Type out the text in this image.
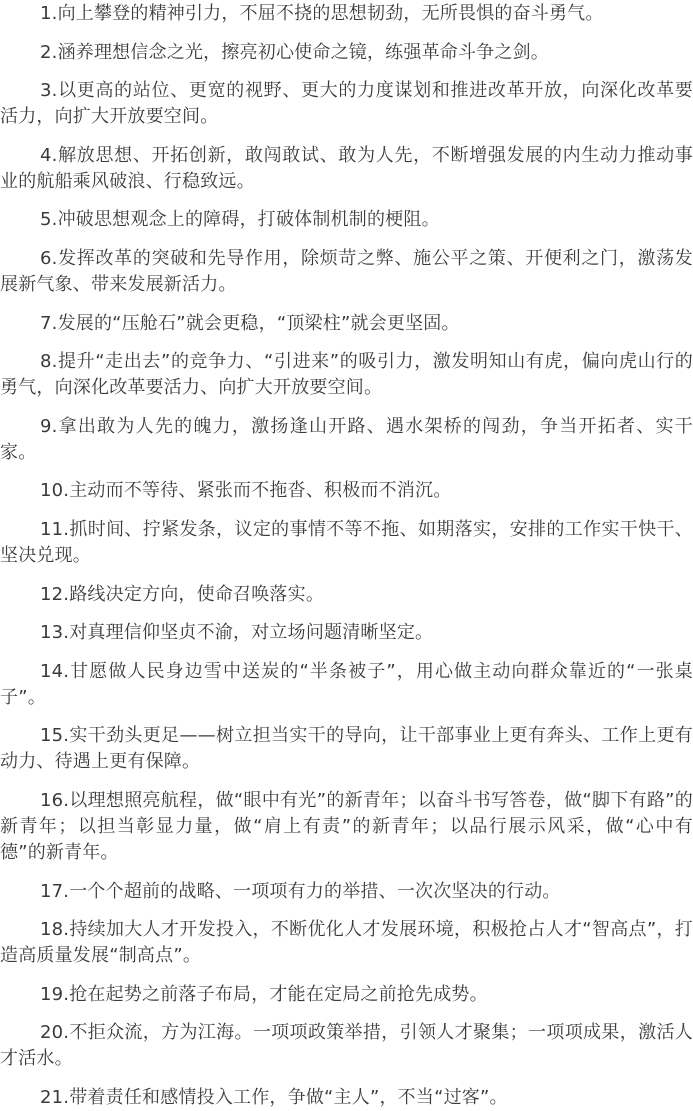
1.向上攀登的精神引力，不屈不挠的思想韧劲，无所畏惧的奋斗勇气。

2.涵养理想信念之光，擦亮初心使命之镜，练强革命斗争之剑。

3.以更高的站位、更宽的视野、更大的力度谋划和推进改革开放，向深化改革要活力，向扩大开放要空间。

4.解放思想、开拓创新，敢闯敢试、敢为人先，不断增强发展的内生动力推动事业的航船乘风破浪、行稳致远。

5.冲破思想观念上的障碍，打破体制机制的梗阻。

6.发挥改革的突破和先导作用，除烦苛之弊、施公平之策、开便利之门，激荡发展新气象、带来发展新活力。

7.发展的“压舱石”就会更稳，“顶梁柱”就会更坚固。

8.提升“走出去”的竞争力、“引进来”的吸引力，激发明知山有虎，偏向虎山行的勇气，向深化改革要活力、向扩大开放要空间。

9.拿出敢为人先的魄力，激扬逢山开路、遇水架桥的闯劲，争当开拓者、实干家。

10.主动而不等待、紧张而不拖沓、积极而不消沉。

11.抓时间、拧紧发条，议定的事情不等不拖、如期落实，安排的工作实干快干、坚决兑现。

12.路线决定方向，使命召唤落实。

13.对真理信仰坚贞不渝，对立场问题清晰坚定。

14.甘愿做人民身边雪中送炭的“半条被子”，用心做主动向群众靠近的“一张桌子”。

15.实干劲头更足——树立担当实干的导向，让干部事业上更有奔头、工作上更有动力、待遇上更有保障。

16.以理想照亮航程，做“眼中有光”的新青年；以奋斗书写答卷，做“脚下有路”的新青年；以担当彰显力量，做“肩上有责”的新青年；以品行展示风采，做“心中有德”的新青年。

17.一个个超前的战略、一项项有力的举措、一次次坚决的行动。

18.持续加大人才开发投入，不断优化人才发展环境，积极抢占人才“智高点”，打造高质量发展“制高点”。

19.抢在起势之前落子布局，才能在定局之前抢先成势。

20.不拒众流，方为江海。一项项政策举措，引领人才聚集；一项项成果，激活人才活水。

21.带着责任和感情投入工作，争做“主人”，不当“过客”。
